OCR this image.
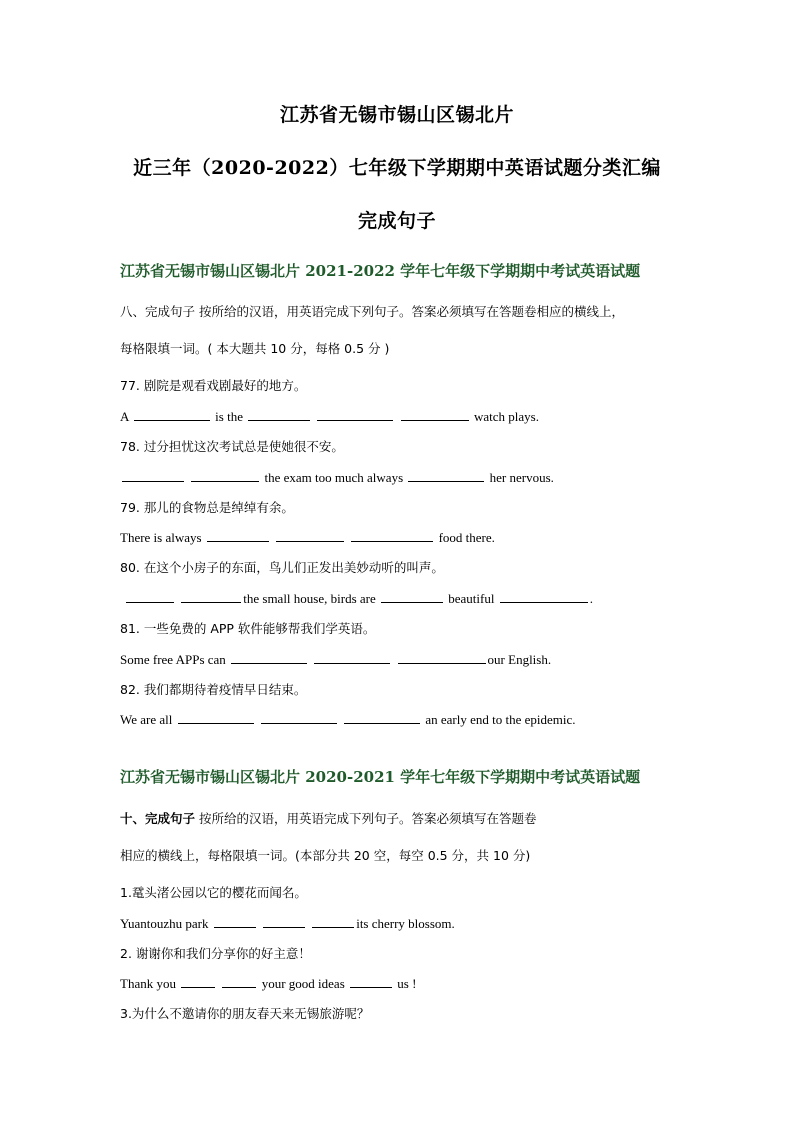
江苏省无锡市锡山区锡北片
近三年（2020-2022）七年级下学期期中英语试题分类汇编
完成句子
江苏省无锡市锡山区锡北片 2021-2022 学年七年级下学期期中考试英语试题
八、完成句子 按所给的汉语，用英语完成下列句子。答案必须填写在答题卷相应的横线上，
每格限填一词。( 本大题共 10 分，每格 0.5 分 )
77. 剧院是观看戏剧最好的地方。
A	is the	watch plays.
78. 过分担忧这次考试总是使她很不安。
the exam too much always	her nervous.
79. 那儿的食物总是绰绰有余。
There is always	food there.
80. 在这个小房子的东面，鸟儿们正发出美妙动听的叫声。
the small house, birds are	beautiful	.
81. 一些免费的 APP 软件能够帮我们学英语。
Some free APPs can	our English.
82. 我们都期待着疫情早日结束。
We are all	an early end to the epidemic.
江苏省无锡市锡山区锡北片 2020-2021 学年七年级下学期期中考试英语试题
十、完成句子 按所给的汉语，用英语完成下列句子。答案必须填写在答题卷
相应的横线上，每格限填一词。(本部分共 20 空，每空 0.5 分，共 10 分)
1.鼋头渚公园以它的樱花而闻名。
Yuantouzhu park	its cherry blossom.
2. 谢谢你和我们分享你的好主意！
Thank you	your good ideas	us !
3.为什么不邀请你的朋友春天来无锡旅游呢？
